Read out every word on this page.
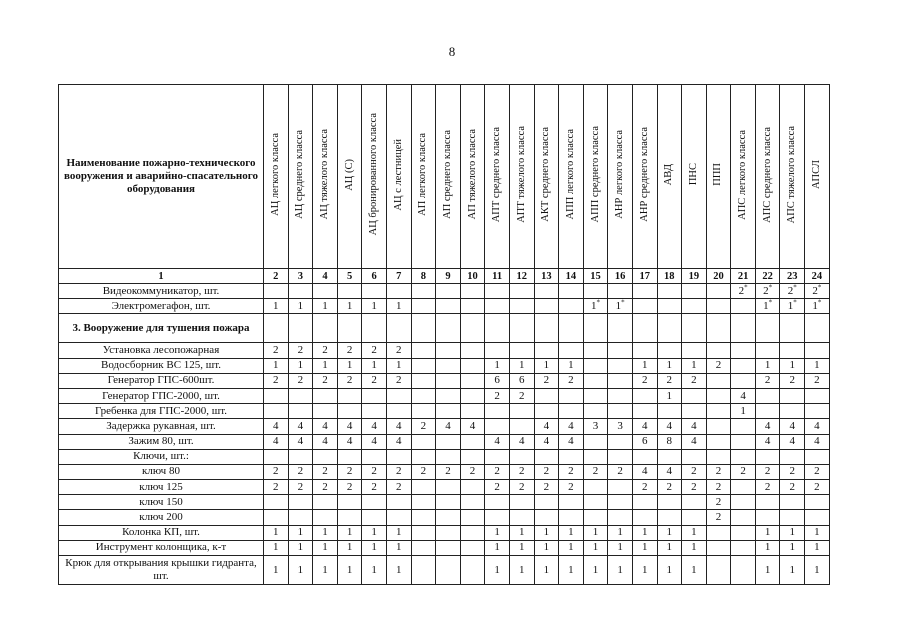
8
Наименование пожарно-технического вооружения и аварийно-спасательного оборудования	АЦ легкого класса	АЦ среднего класса	АЦ тяжелого класса	АЦ (С)	АЦ бронированного класса	АЦ с лестницей	АП легкого класса	АП среднего класса	АП тяжелого класса	АПТ среднего класса	АПТ тяжелого класса	АКТ среднего класса	АПП легкого класса	АПП среднего класса	АНР легкого класса	АНР среднего класса	АВД	ПНС	ППП	АПС легкого класса	АПС среднего класса	АПС тяжелого класса	АПСЛ
1	2	3	4	5	6	7	8	9	10	11	12	13	14	15	16	17	18	19	20	21	22	23	24
Видеокоммуникатор, шт.																				2*	2*	2*	2*
Электромегафон, шт.	1	1	1	1	1	1								1*	1*						1*	1*	1*
3. Вооружение для тушения пожара																							
Установка лесопожарная	2	2	2	2	2	2																	
Водосборник ВС 125, шт.	1	1	1	1	1	1				1	1	1	1			1	1	1	2		1	1	1
Генератор ГПС-600шт.	2	2	2	2	2	2				6	6	2	2			2	2	2			2	2	2
Генератор ГПС-2000, шт.										2	2						1			4			
Гребенка для ГПС-2000, шт.																				1			
Задержка рукавная, шт.	4	4	4	4	4	4	2	4	4			4	4	3	3	4	4	4			4	4	4
Зажим 80, шт.	4	4	4	4	4	4				4	4	4	4			6	8	4			4	4	4
Ключи, шт.:																							
ключ 80	2	2	2	2	2	2	2	2	2	2	2	2	2	2	2	4	4	2	2	2	2	2	2
ключ 125	2	2	2	2	2	2				2	2	2	2			2	2	2	2		2	2	2
ключ 150																			2				
ключ 200																			2				
Колонка КП, шт.	1	1	1	1	1	1				1	1	1	1	1	1	1	1	1			1	1	1
Инструмент колонщика, к-т	1	1	1	1	1	1				1	1	1	1	1	1	1	1	1			1	1	1
Крюк для открывания крышки гидранта, шт.	1	1	1	1	1	1				1	1	1	1	1	1	1	1	1			1	1	1
